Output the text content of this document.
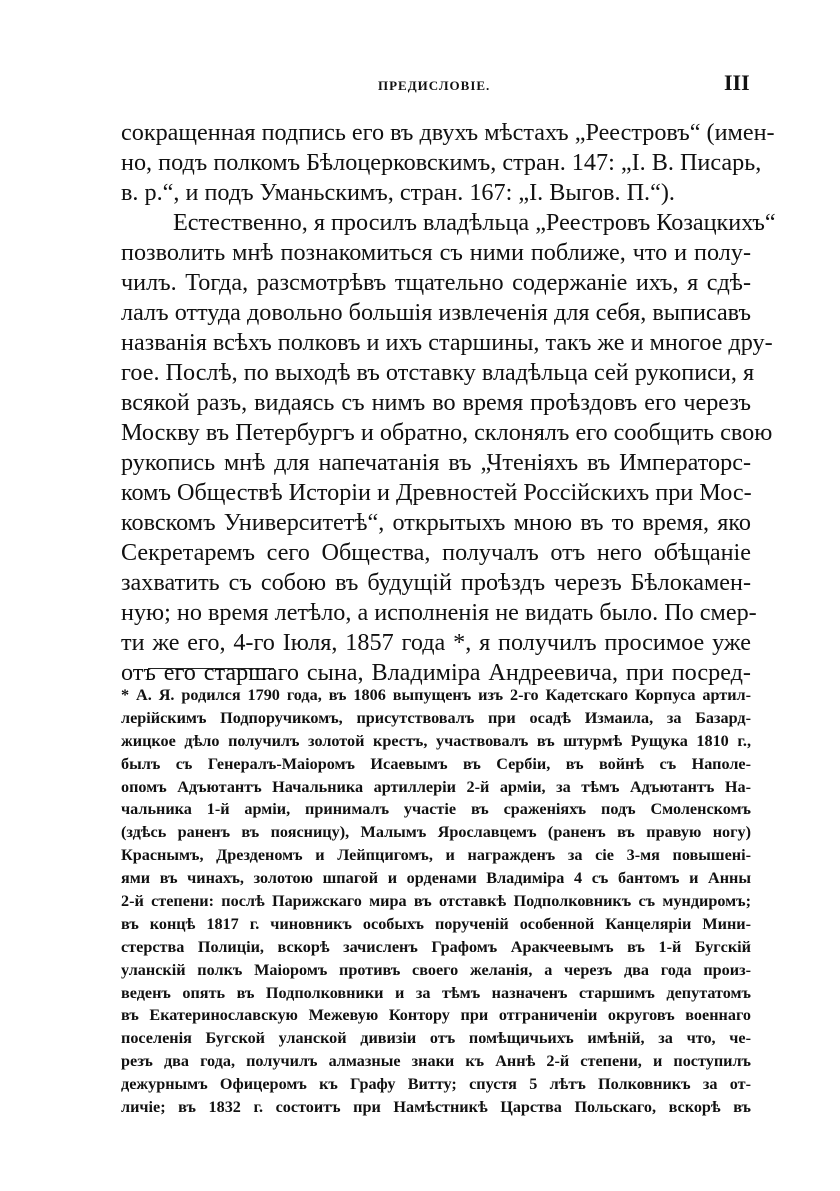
ПРЕДИСЛОВІЕ.	III
сокращенная подпись его въ двухъ мѣстахъ „Реестровъ“ (имен-
но, подъ полкомъ Бѣлоцерковскимъ, стран. 147: „І. В. Писарь,
в. р.“, и подъ Уманьскимъ, стран. 167: „І. Выгов. П.“).
Естественно, я просилъ владѣльца „Реестровъ Козацкихъ“
позволить мнѣ познакомиться съ ними поближе, что и полу-
чилъ. Тогда, разсмотрѣвъ тщательно содержаніе ихъ, я сдѣ-
лалъ оттуда довольно большія извлеченія для себя, выписавъ
названія всѣхъ полковъ и ихъ старшины, такъ же и многое дру-
гое. Послѣ, по выходѣ въ отставку владѣльца сей рукописи, я
всякой разъ, видаясь съ нимъ во время проѣздовъ его черезъ
Москву въ Петербургъ и обратно, склонялъ его сообщить свою
рукопись мнѣ для напечатанія въ „Чтеніяхъ въ Императорс-
комъ Обществѣ Исторіи и Древностей Россійскихъ при Мос-
ковскомъ Университетѣ“, открытыхъ мною въ то время, яко
Секретаремъ сего Общества, получалъ отъ него обѣщаніе
захватить съ собою въ будущій проѣздъ черезъ Бѣлокамен-
ную; но время летѣло, а исполненія не видать было. По смер-
ти же его, 4-го Іюля, 1857 года *, я получилъ просимое уже
отъ его старшаго сына, Владиміра Андреевича, при посред-
* А. Я. родился 1790 года, въ 1806 выпущенъ изъ 2-го Кадетскаго Корпуса артил-
лерійскимъ Подпоручикомъ, присутствовалъ при осадѣ Измаила, за Базард-
жицкое дѣло получилъ золотой крестъ, участвовалъ въ штурмѣ Рущука 1810 г.,
былъ съ Генералъ-Маіоромъ Исаевымъ въ Сербіи, въ войнѣ съ Наполе-
опомъ Адъютантъ Начальника артиллеріи 2-й арміи, за тѣмъ Адъютантъ На-
чальника 1-й арміи, принималъ участіе въ сраженіяхъ подъ Смоленскомъ
(здѣсь раненъ въ поясницу), Малымъ Ярославцемъ (раненъ въ правую ногу)
Краснымъ, Дрезденомъ и Лейпцигомъ, и награжденъ за сіе 3-мя повышені-
ями въ чинахъ, золотою шпагой и орденами Владиміра 4 съ бантомъ и Анны
2-й степени: послѣ Парижскаго мира въ отставкѣ Подполковникъ съ мундиромъ;
въ концѣ 1817 г. чиновникъ особыхъ порученій особенной Канцеляріи Мини-
стерства Полиціи, вскорѣ зачисленъ Графомъ Аракчеевымъ въ 1-й Бугскій
уланскій полкъ Маіоромъ противъ своего желанія, а черезъ два года произ-
веденъ опять въ Подполковники и за тѣмъ назначенъ старшимъ депутатомъ
въ Екатеринославскую Межевую Контору при отграниченіи округовъ военнаго
поселенія Бугской уланской дивизіи отъ помѣщичьихъ имѣній, за что, че-
резъ два года, получилъ алмазные знаки къ Аннѣ 2-й степени, и поступилъ
дежурнымъ Офицеромъ къ Графу Витту; спустя 5 лѣтъ Полковникъ за от-
личіе; въ 1832 г. состоитъ при Намѣстникѣ Царства Польскаго, вскорѣ въ
